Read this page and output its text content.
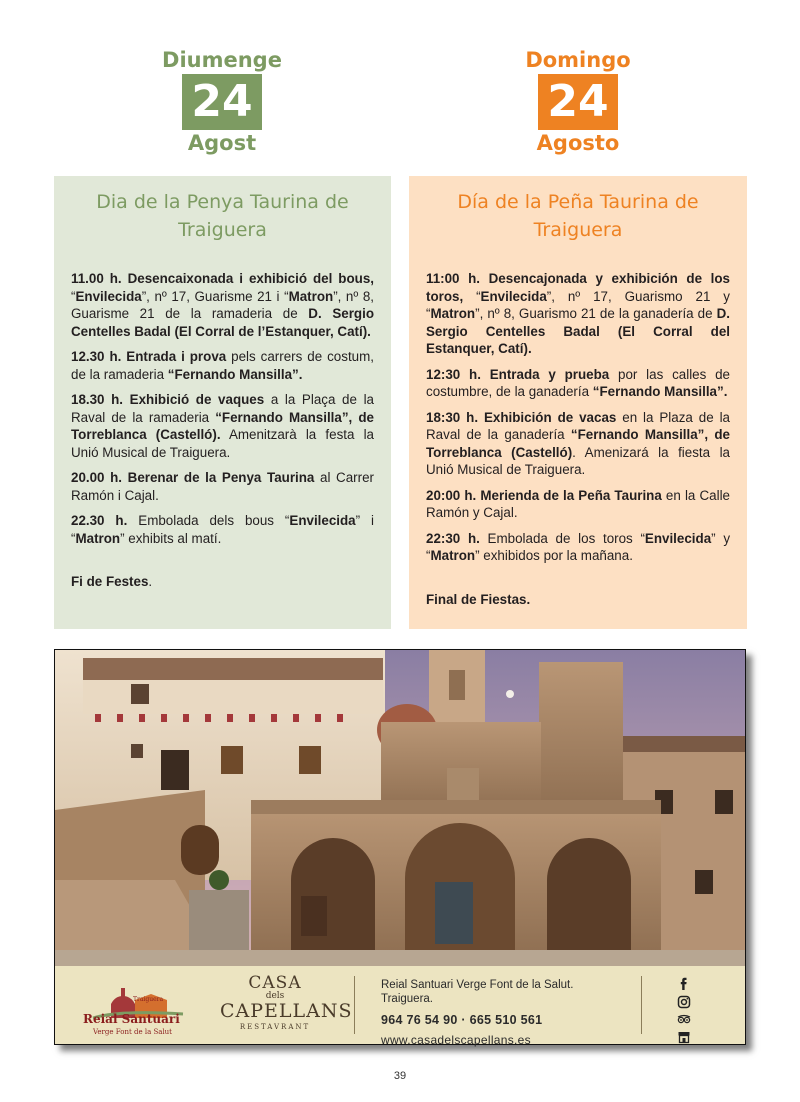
Diumenge
24
Agost
Domingo
24
Agosto
Dia de la Penya Taurina de Traiguera

11.00 h. Desencaixonada i exhibició del bous, “Envilecida”, nº 17, Guarisme 21 i “Matron”, nº 8, Guarisme 21 de la ramaderia de D. Sergio Centelles Badal (El Corral de l’Estanquer, Catí).

12.30 h. Entrada i prova pels carrers de costum, de la ramaderia “Fernando Mansilla”.

18.30 h. Exhibició de vaques a la Plaça de la Raval de la ramaderia “Fernando Mansilla”, de Torreblanca (Castelló). Amenitzarà la festa la Unió Musical de Traiguera.

20.00 h. Berenar de la Penya Taurina al Carrer Ramón i Cajal.

22.30 h. Embolada dels bous “Envilecida” i “Matron” exhibits al matí.

Fi de Festes.

Día de la Peña Taurina de Traiguera

11:00 h. Desencajonada y exhibición de los toros, “Envilecida”, nº 17, Guarismo 21 y “Matron”, nº 8, Guarismo 21 de la ganadería de D. Sergio Centelles Badal (El Corral del Estanquer, Catí).

12:30 h. Entrada y prueba por las calles de costumbre, de la ganadería “Fernando Mansilla”.

18:30 h. Exhibición de vacas en la Plaza de la Raval de la ganadería “Fernando Mansilla”, de Torreblanca (Castelló). Amenizará la fiesta la Unió Musical de Traiguera.

20:00 h. Merienda de la Peña Taurina en la Calle Ramón y Cajal.

22:30 h. Embolada de los toros “Envilecida” y “Matron” exhibidos por la mañana.

Final de Fiestas.

Traiguera
Reial Santuari
Verge Font de la Salut
CASA
dels
CAPELLANS
RESTAVRANT
Reial Santuari Verge Font de la Salut.
Traiguera.
964 76 54 90 · 665 510 561
www.casadelscapellans.es
39
